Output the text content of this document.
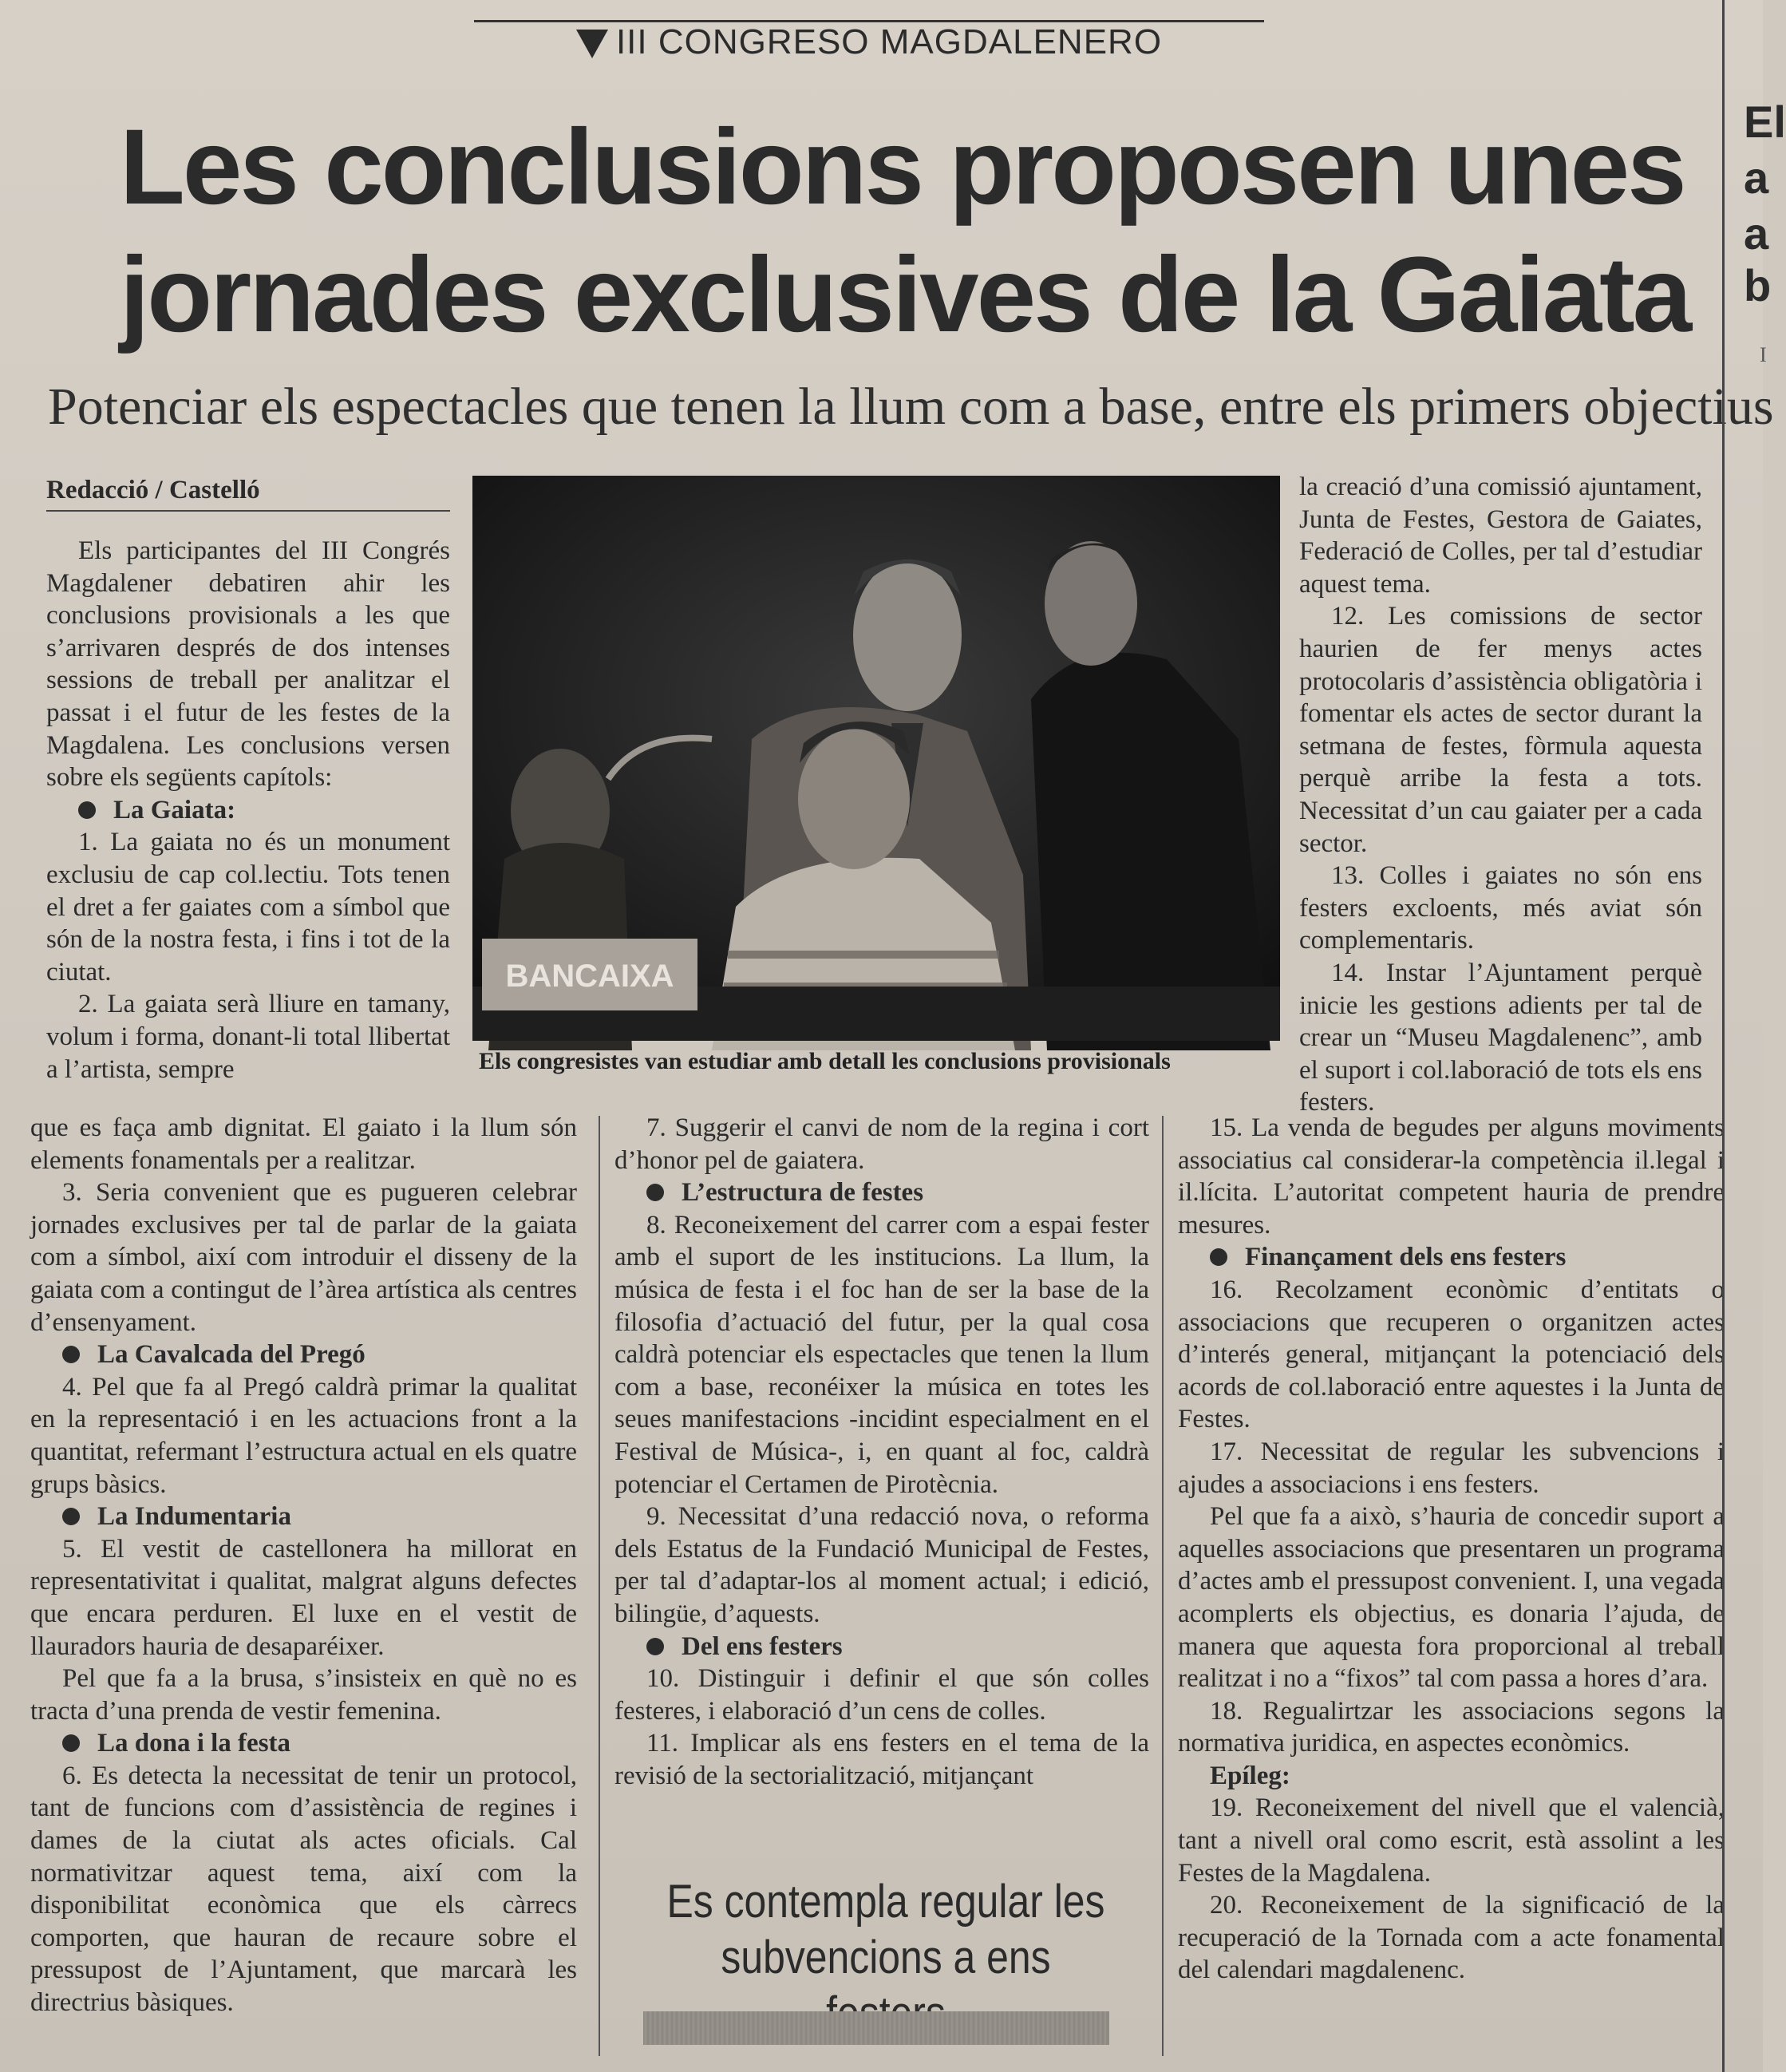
III CONGRESO MAGDALENERO
Les conclusions proposen unes
jornades exclusives de la Gaiata
Potenciar els espectacles que tenen la llum com a base, entre els primers objectius
Redacció / Castelló
BANCAIXA
Els congresistes van estudiar amb detall les conclusions provisionals

Els participantes del III Congrés Magdalener debatiren ahir les conclusions provisionals a les que s’arrivaren després de dos intenses sessions de treball per analitzar el passat i el futur de les festes de la Magdalena. Les conclusions versen sobre els següents capítols:

La Gaiata:

1. La gaiata no és un monument exclusiu de cap col.lectiu. Tots tenen el dret a fer gaiates com a símbol que són de la nostra festa, i fins i tot de la ciutat.

2. La gaiata serà lliure en tamany, volum i forma, donant-li total llibertat a l’artista, sempre

que es faça amb dignitat. El gaiato i la llum són elements fonamentals per a realitzar.

3. Seria convenient que es pugueren celebrar jornades exclusives per tal de parlar de la gaiata com a símbol, així com introduir el disseny de la gaiata com a contingut de l’àrea artística als centres d’ensenyament.

La Cavalcada del Pregó

4. Pel que fa al Pregó caldrà primar la qualitat en la representació i en les actuacions front a la quantitat, refermant l’estructura actual en els quatre grups bàsics.

La Indumentaria

5. El vestit de castellonera ha millorat en representativitat i qualitat, malgrat alguns defectes que encara perduren. El luxe en el vestit de llauradors hauria de desaparéixer.

Pel que fa a la brusa, s’insisteix en què no es tracta d’una prenda de vestir femenina.

La dona i la festa

6. Es detecta la necessitat de tenir un protocol, tant de funcions com d’assistència de regines i dames de la ciutat als actes oficials. Cal normativitzar aquest tema, així com la disponibilitat econòmica que els càrrecs comporten, que hauran de recaure sobre el pressupost de l’Ajuntament, que marcarà les directrius bàsiques.

7. Suggerir el canvi de nom de la regina i cort d’honor pel de gaiatera.

L’estructura de festes

8. Reconeixement del carrer com a espai fester amb el suport de les institucions. La llum, la música de festa i el foc han de ser la base de la filosofia d’actuació del futur, per la qual cosa caldrà potenciar els espectacles que tenen la llum com a base, reconéixer la música en totes les seues manifestacions -incidint especialment en el Festival de Música-, i, en quant al foc, caldrà potenciar el Certamen de Pirotècnia.

9. Necessitat d’una redacció nova, o reforma dels Estatus de la Fundació Municipal de Festes, per tal d’adaptar-los al moment actual; i edició, bilingüe, d’aquests.

Del ens festers

10. Distinguir i definir el que són colles festeres, i elaboració d’un cens de colles.

11. Implicar als ens festers en el tema de la revisió de la sectorialització, mitjançant

la creació d’una comissió ajuntament, Junta de Festes, Gestora de Gaiates, Federació de Colles, per tal d’estudiar aquest tema.

12. Les comissions de sector haurien de fer menys actes protocolaris d’assistència obligatòria i fomentar els actes de sector durant la setmana de festes, fòrmula aquesta perquè arribe la festa a tots. Necessitat d’un cau gaiater per a cada sector.

13. Colles i gaiates no són ens festers excloents, més aviat són complementaris.

14. Instar l’Ajuntament perquè inicie les gestions adients per tal de crear un “Museu Magdalenenc”, amb el suport i col.laboració de tots els ens festers.

15. La venda de begudes per alguns moviments associatius cal considerar-la competència il.legal i il.lícita. L’autoritat competent hauria de prendre mesures.

Finançament dels ens festers

16. Recolzament econòmic d’entitats o associacions que recuperen o organitzen actes d’interés general, mitjançant la potenciació dels acords de col.laboració entre aquestes i la Junta de Festes.

17. Necessitat de regular les subvencions i ajudes a associacions i ens festers.

Pel que fa a això, s’hauria de concedir suport a aquelles associacions que presentaren un programa d’actes amb el pressupost convenient. I, una vegada acomplerts els objectius, es donaria l’ajuda, de manera que aquesta fora proporcional al treball realitzat i no a “fixos” tal com passa a hores d’ara.

18. Regualirtzar les associacions segons la normativa juridica, en aspectes econòmics.

Epíleg:

19. Reconeixement del nivell que el valencià, tant a nivell oral como escrit, està assolint a les Festes de la Magdalena.

20. Reconeixement de la significació de la recuperació de la Tornada com a acte fonamental del calendari magdalenenc.

Es contempla regular les subvencions a ens
El
a
a
b
I
